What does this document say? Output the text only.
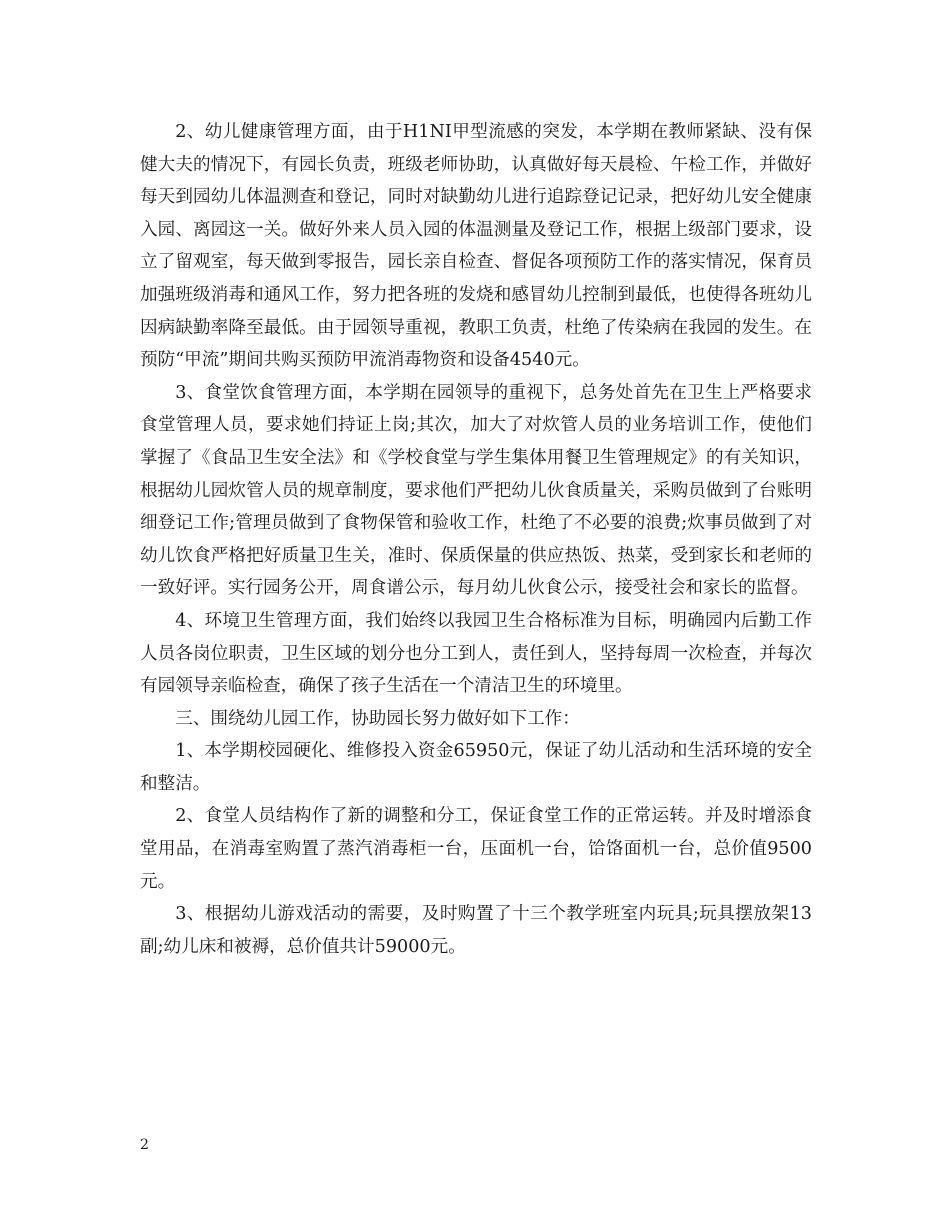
2、幼儿健康管理方面，由于H1NI甲型流感的突发，本学期在教师紧缺、没有保健大夫的情况下，有园长负责，班级老师协助，认真做好每天晨检、午检工作，并做好每天到园幼儿体温测查和登记，同时对缺勤幼儿进行追踪登记记录，把好幼儿安全健康入园、离园这一关。做好外来人员入园的体温测量及登记工作，根据上级部门要求，设立了留观室，每天做到零报告，园长亲自检查、督促各项预防工作的落实情况，保育员加强班级消毒和通风工作，努力把各班的发烧和感冒幼儿控制到最低，也使得各班幼儿因病缺勤率降至最低。由于园领导重视，教职工负责，杜绝了传染病在我园的发生。在预防“甲流”期间共购买预防甲流消毒物资和设备4540元。

3、食堂饮食管理方面，本学期在园领导的重视下，总务处首先在卫生上严格要求食堂管理人员，要求她们持证上岗;其次，加大了对炊管人员的业务培训工作，使他们掌握了《食品卫生安全法》和《学校食堂与学生集体用餐卫生管理规定》的有关知识，根据幼儿园炊管人员的规章制度，要求他们严把幼儿伙食质量关，采购员做到了台账明细登记工作;管理员做到了食物保管和验收工作，杜绝了不必要的浪费;炊事员做到了对幼儿饮食严格把好质量卫生关，准时、保质保量的供应热饭、热菜，受到家长和老师的一致好评。实行园务公开，周食谱公示，每月幼儿伙食公示，接受社会和家长的监督。

4、环境卫生管理方面，我们始终以我园卫生合格标准为目标，明确园内后勤工作人员各岗位职责，卫生区域的划分也分工到人，责任到人，坚持每周一次检查，并每次有园领导亲临检查，确保了孩子生活在一个清洁卫生的环境里。

三、围绕幼儿园工作，协助园长努力做好如下工作：

1、本学期校园硬化、维修投入资金65950元，保证了幼儿活动和生活环境的安全和整洁。

2、食堂人员结构作了新的调整和分工，保证食堂工作的正常运转。并及时增添食堂用品，在消毒室购置了蒸汽消毒柜一台，压面机一台，饸饹面机一台，总价值9500元。

3、根据幼儿游戏活动的需要，及时购置了十三个教学班室内玩具;玩具摆放架13副;幼儿床和被褥，总价值共计59000元。

2
